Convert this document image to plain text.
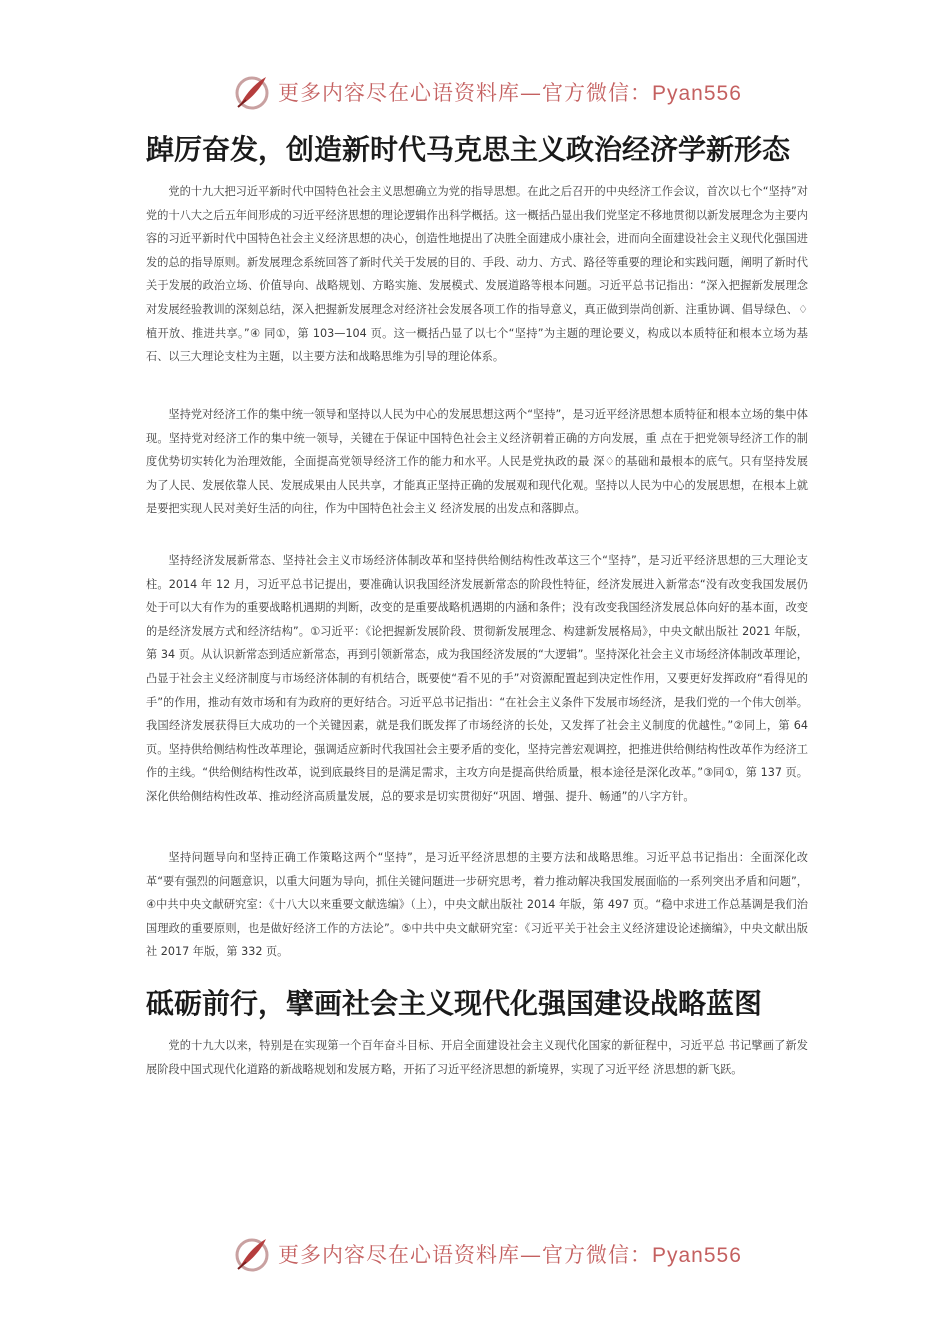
更多内容尽在心语资料库—官方微信：Pyan556
踔厉奋发，创造新时代马克思主义政治经济学新形态

党的十九大把习近平新时代中国特色社会主义思想确立为党的指导思想。在此之后召开的中央经济工作会议，首次以七个“坚持”对党的十八大之后五年间形成的习近平经济思想的理论逻辑作出科学概括。这一概括凸显出我们党坚定不移地贯彻以新发展理念为主要内容的习近平新时代中国特色社会主义经济思想的决心，创造性地提出了决胜全面建成小康社会，进而向全面建设社会主义现代化强国进发的总的指导原则。新发展理念系统回答了新时代关于发展的目的、手段、动力、方式、路径等重要的理论和实践问题，阐明了新时代关于发展的政治立场、价值导向、战略规划、方略实施、发展模式、发展道路等根本问题。习近平总书记指出：“深入把握新发展理念对发展经验教训的深刻总结，深入把握新发展理念对经济社会发展各项工作的指导意义，真正做到崇尚创新、注重协调、倡导绿色、♢植开放、推进共享。”④ 同①，第 103—104 页。这一概括凸显了以七个“坚持”为主题的理论要义，构成以本质特征和根本立场为基石、以三大理论支柱为主题，以主要方法和战略思维为引导的理论体系。

坚持党对经济工作的集中统一领导和坚持以人民为中心的发展思想这两个“坚持”，是习近平经济思想本质特征和根本立场的集中体现。坚持党对经济工作的集中统一领导，关键在于保证中国特色社会主义经济朝着正确的方向发展，重 点在于把党领导经济工作的制度优势切实转化为治理效能，全面提高党领导经济工作的能力和水平。人民是党执政的最 深♢的基础和最根本的底气。只有坚持发展为了人民、发展依靠人民、发展成果由人民共享，才能真正坚持正确的发展观和现代化观。坚持以人民为中心的发展思想，在根本上就是要把实现人民对美好生活的向往，作为中国特色社会主义 经济发展的出发点和落脚点。

坚持经济发展新常态、坚持社会主义市场经济体制改革和坚持供给侧结构性改革这三个“坚持”，是习近平经济思想的三大理论支柱。2014 年 12 月，习近平总书记提出，要准确认识我国经济发展新常态的阶段性特征，经济发展进入新常态“没有改变我国发展仍处于可以大有作为的重要战略机遇期的判断，改变的是重要战略机遇期的内涵和条件；没有改变我国经济发展总体向好的基本面，改变的是经济发展方式和经济结构”。①习近平：《论把握新发展阶段、贯彻新发展理念、构建新发展格局》，中央文献出版社 2021 年版，第 34 页。从认识新常态到适应新常态，再到引领新常态，成为我国经济发展的“大逻辑”。坚持深化社会主义市场经济体制改革理论，凸显于社会主义经济制度与市场经济体制的有机结合，既要使“看不见的手”对资源配置起到决定性作用，又要更好发挥政府“看得见的手”的作用，推动有效市场和有为政府的更好结合。习近平总书记指出：“在社会主义条件下发展市场经济，是我们党的一个伟大创举。我国经济发展获得巨大成功的一个关键因素，就是我们既发挥了市场经济的长处，又发挥了社会主义制度的优越性。”②同上，第 64 页。坚持供给侧结构性改革理论，强调适应新时代我国社会主要矛盾的变化，坚持完善宏观调控，把推进供给侧结构性改革作为经济工作的主线。“供给侧结构性改革，说到底最终目的是满足需求，主攻方向是提高供给质量，根本途径是深化改革。”③同①，第 137 页。深化供给侧结构性改革、推动经济高质量发展，总的要求是切实贯彻好“巩固、增强、提升、畅通”的八字方针。

坚持问题导向和坚持正确工作策略这两个“坚持”，是习近平经济思想的主要方法和战略思维。习近平总书记指出：全面深化改革“要有强烈的问题意识，以重大问题为导向，抓住关键问题进一步研究思考，着力推动解决我国发展面临的一系列突出矛盾和问题”，④中共中央文献研究室：《十八大以来重要文献选编》（上），中央文献出版社 2014 年版，第 497 页。“稳中求进工作总基调是我们治国理政的重要原则，也是做好经济工作的方法论”。⑤中共中央文献研究室：《习近平关于社会主义经济建设论述摘编》，中央文献出版社 2017 年版，第 332 页。

砥砺前行，擘画社会主义现代化强国建设战略蓝图

党的十九大以来，特别是在实现第一个百年奋斗目标、开启全面建设社会主义现代化国家的新征程中，习近平总 书记擘画了新发展阶段中国式现代化道路的新战略规划和发展方略，开拓了习近平经济思想的新境界，实现了习近平经 济思想的新飞跃。

更多内容尽在心语资料库—官方微信：Pyan556
